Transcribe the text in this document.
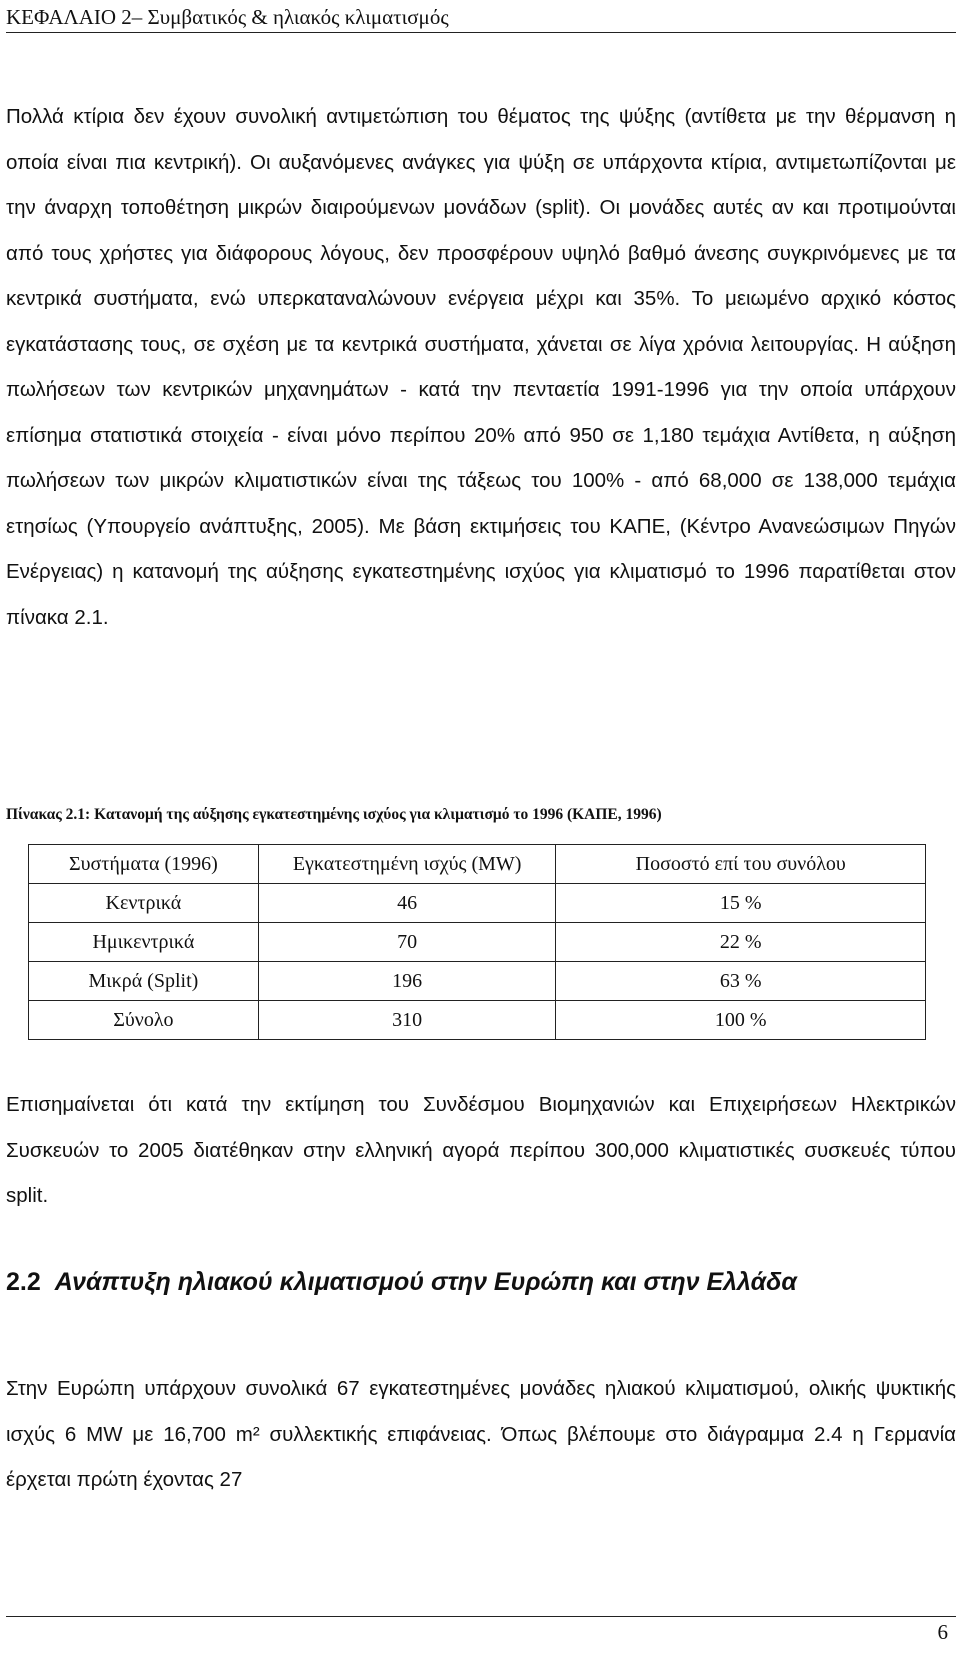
ΚΕΦΑΛΑΙΟ 2– Συμβατικός & ηλιακός κλιματισμός

Πολλά κτίρια δεν έχουν συνολική αντιμετώπιση του θέματος της ψύξης (αντίθετα με την θέρμανση η οποία είναι πια κεντρική). Οι αυξανόμενες ανάγκες για ψύξη σε υπάρχοντα κτίρια, αντιμετωπίζονται με την άναρχη τοποθέτηση μικρών διαιρούμενων μονάδων (split). Οι μονάδες αυτές αν και προτιμούνται από τους χρήστες για διάφορους λόγους, δεν προσφέρουν υψηλό βαθμό άνεσης συγκρινόμενες με τα κεντρικά συστήματα, ενώ υπερκαταναλώνουν ενέργεια μέχρι και 35%. Το μειωμένο αρχικό κόστος εγκατάστασης τους, σε σχέση με τα κεντρικά συστήματα, χάνεται σε λίγα χρόνια λειτουργίας. Η αύξηση πωλήσεων των κεντρικών μηχανημάτων - κατά την πενταετία 1991-1996 για την οποία υπάρχουν επίσημα στατιστικά στοιχεία - είναι μόνο περίπου 20% από 950 σε 1,180 τεμάχια Αντίθετα, η αύξηση πωλήσεων των μικρών κλιματιστικών είναι της τάξεως του 100% - από 68,000 σε 138,000 τεμάχια ετησίως (Υπουργείο ανάπτυξης, 2005). Με βάση εκτιμήσεις του ΚΑΠΕ, (Κέντρο Ανανεώσιμων Πηγών Ενέργειας) η κατανομή της αύξησης εγκατεστημένης ισχύος για κλιματισμό το 1996 παρατίθεται στον πίνακα 2.1.

Πίνακας 2.1: Κατανομή της αύξησης εγκατεστημένης ισχύος για κλιματισμό το 1996 (ΚΑΠΕ, 1996)
Συστήματα (1996)	Εγκατεστημένη ισχύς (MW)	Ποσοστό επί του συνόλου
Κεντρικά	46	15 %
Ημικεντρικά	70	22 %
Μικρά (Split)	196	63 %
Σύνολο	310	100 %

Επισημαίνεται ότι κατά την εκτίμηση του Συνδέσμου Βιομηχανιών και Επιχειρήσεων Ηλεκτρικών Συσκευών το 2005 διατέθηκαν στην ελληνική αγορά περίπου 300,000 κλιματιστικές συσκευές τύπου split.

2.2 Ανάπτυξη ηλιακού κλιματισμού στην Ευρώπη και στην Ελλάδα

Στην Ευρώπη υπάρχουν συνολικά 67 εγκατεστημένες μονάδες ηλιακού κλιματισμού, ολικής ψυκτικής ισχύς 6 MW με 16,700 m² συλλεκτικής επιφάνειας. Όπως βλέπουμε στο διάγραμμα 2.4 η Γερμανία έρχεται πρώτη έχοντας 27

6
